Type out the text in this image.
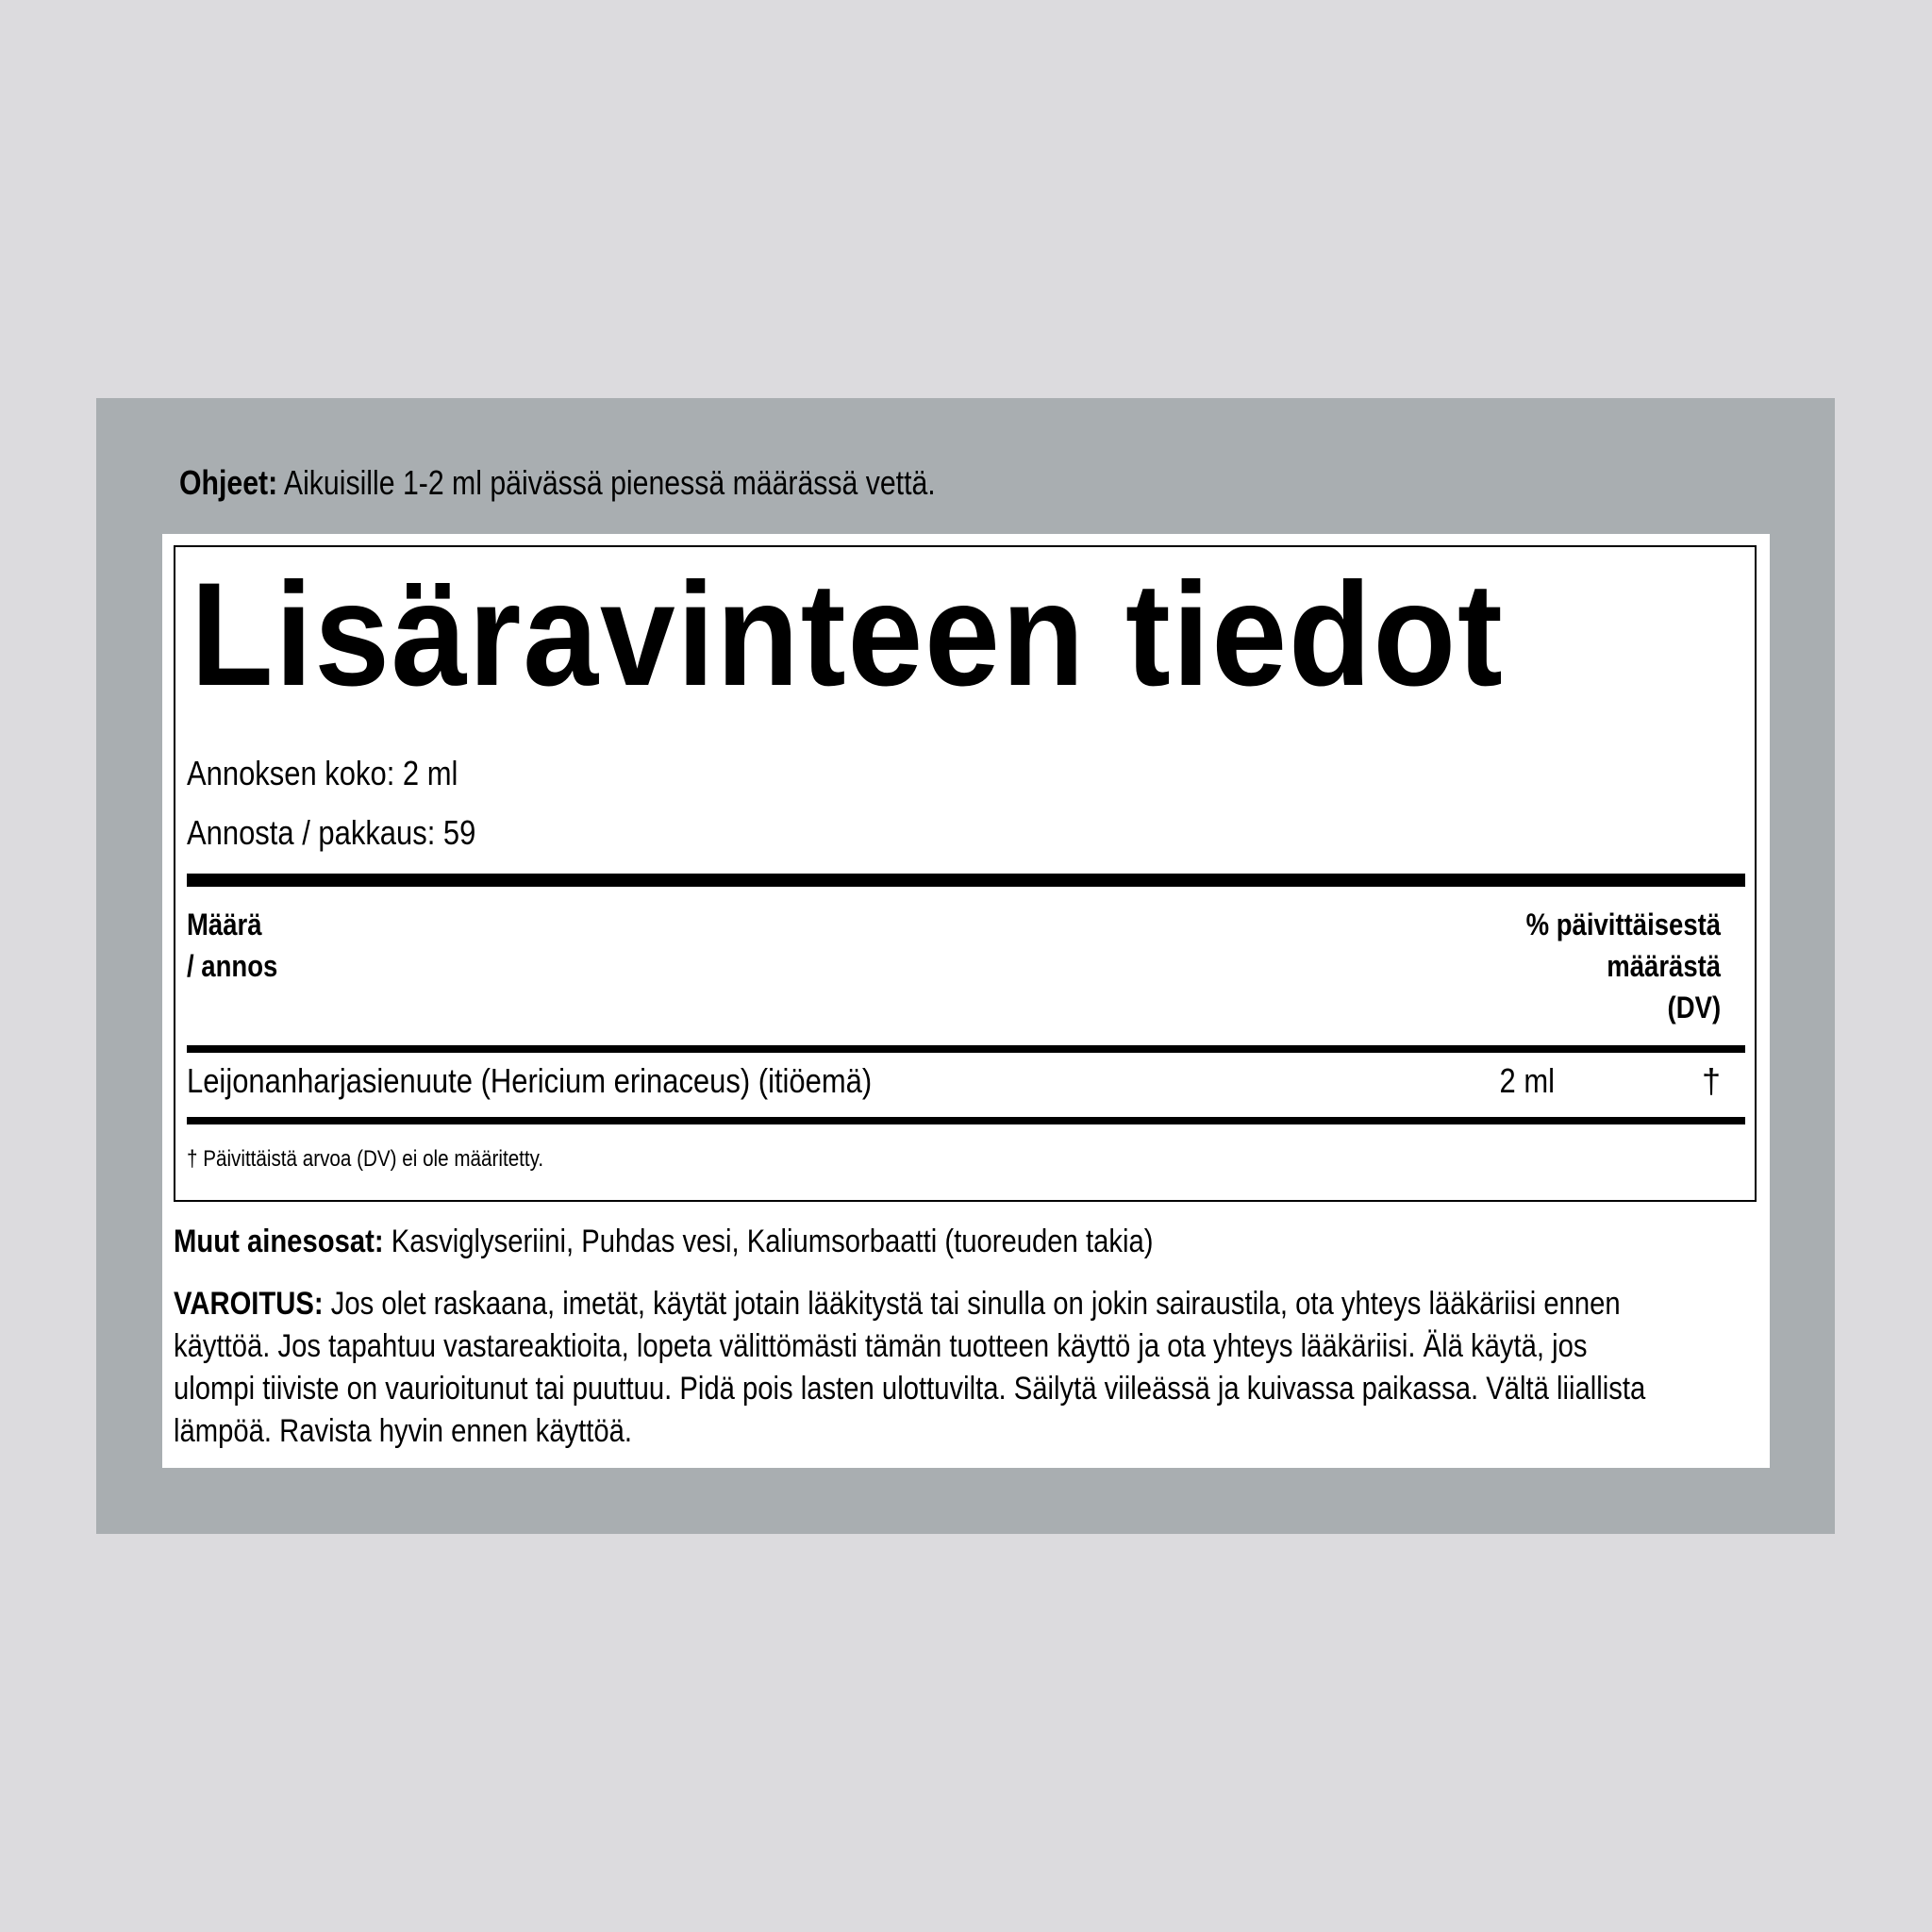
Ohjeet: Aikuisille 1-2 ml päivässä pienessä määrässä vettä.
Lisäravinteen tiedot
Annoksen koko: 2 ml
Annosta / pakkaus: 59
Määrä
/ annos
% päivittäisestä
määrästä
(DV)
Leijonanharjasienuute (Hericium erinaceus) (itiöemä)	2 ml	†
† Päivittäistä arvoa (DV) ei ole määritetty.
Muut ainesosat: Kasviglyseriini, Puhdas vesi, Kaliumsorbaatti (tuoreuden takia)
VAROITUS: Jos olet raskaana, imetät, käytät jotain lääkitystä tai sinulla on jokin sairaustila, ota yhteys lääkäriisi ennen
käyttöä. Jos tapahtuu vastareaktioita, lopeta välittömästi tämän tuotteen käyttö ja ota yhteys lääkäriisi. Älä käytä, jos
ulompi tiiviste on vaurioitunut tai puuttuu. Pidä pois lasten ulottuvilta. Säilytä viileässä ja kuivassa paikassa. Vältä liiallista
lämpöä. Ravista hyvin ennen käyttöä.
